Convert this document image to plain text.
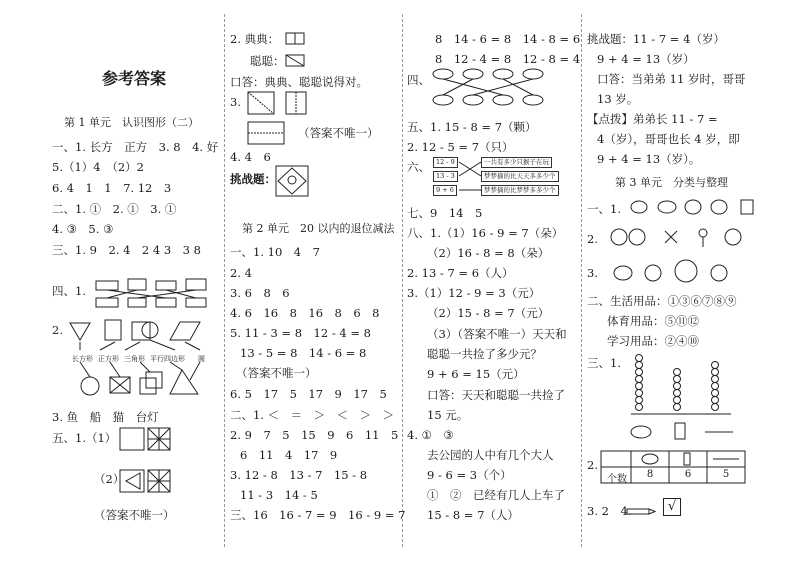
参考答案
第 1 单元　认识图形（二）
一、1. 长方　正方　3. 8　4. 好
5.（1）4　（2）2
6. 4　1　1　7. 12　3
二、1. ①　2. ①　3. ①
4. ③　5. ③
三、1. 9　2. 4　2 4 3　3 8
四、1.
2.
长方形 正方形 三角形 平行四边形 圆
3. 鱼　船　猫　台灯
五、1.（1）
（2）
（答案不唯一）
2. 典典：
聪聪：
口答：典典、聪聪说得对。
3.
（答案不唯一）
4. 4　6
挑战题：
第 2 单元　20 以内的退位减法
一、1. 10　4　7
2. 4
3. 6　8　6
4. 6　16　8　16　8　6　8
5. 11 - 3 = 8　12 - 4 = 8
13 - 5 = 8　14 - 6 = 8
（答案不唯一）
6. 5　17　5　17　9　17　5
二、1. ＜　＝　＞　＜　＞　＞
2. 9　7　5　15　9　6　11　5
6　11　4　17　9
3. 12 - 8　13 - 7　15 - 8
11 - 3　14 - 5
三、16　16 - 7 = 9　16 - 9 = 7
8　14 - 6 = 8　14 - 8 = 6
8　12 - 4 = 8　12 - 8 = 4
四、
五、1. 15 - 8 = 7（颗）
2. 12 - 5 = 7（只）
六、 12 - 9
13 - 3
9 + 6
一共有多少只猴子在玩
梦梦摘的比天天多多少个
梦梦摘的比梦梦多多少个
七、9　14　5
八、1.（1）16 - 9 = 7（朵）
（2）16 - 8 = 8（朵）
2. 13 - 7 = 6（人）
3.（1）12 - 9 = 3（元）
（2）15 - 8 = 7（元）
（3）（答案不唯一）天天和
聪聪一共捡了多少元？
9 + 6 = 15（元）
口答：天天和聪聪一共捡了
15 元。
4. ①　③
去公园的人中有几个大人
9 - 6 = 3（个）
①　②　已经有几人上车了
15 - 8 = 7（人）
挑战题：11 - 7 = 4（岁）
9 + 4 = 13（岁）
口答：当弟弟 11 岁时，哥哥
13 岁。
【点拨】弟弟长 11 - 7 =
4（岁），哥哥也长 4 岁，即
9 + 4 = 13（岁）。
第 3 单元　分类与整理
一、1.
2.
3.
二、生活用品：①③⑥⑦⑧⑨
体育用品：⑤⑪⑫
学习用品：②④⑩
三、1.
2.
个数	8	6	5
3. 2　4.	√
